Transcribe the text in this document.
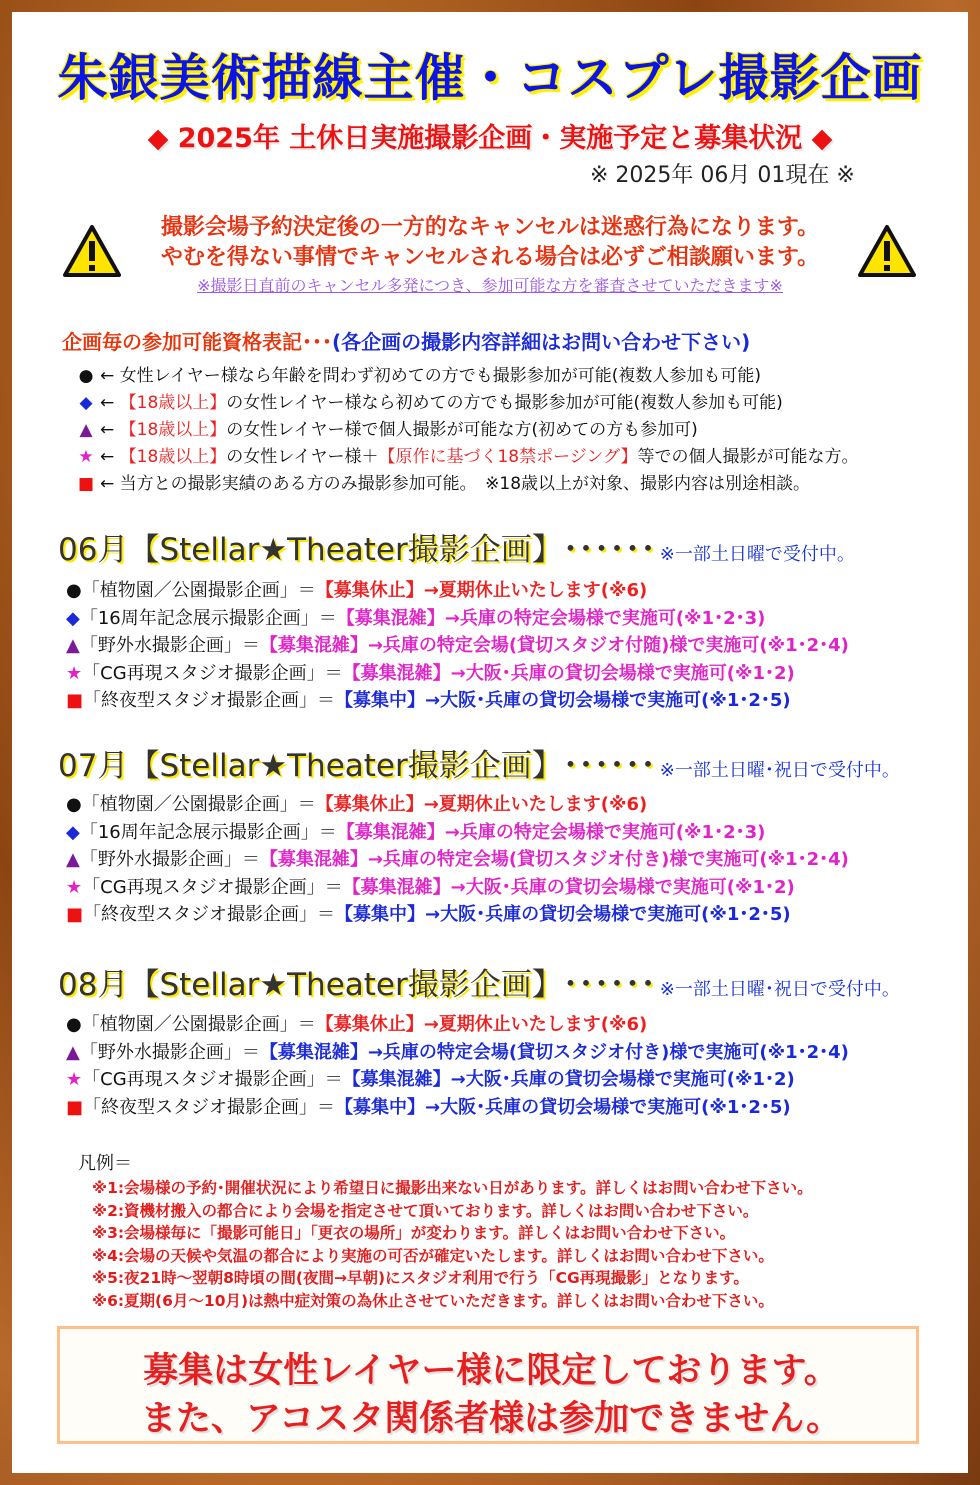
朱銀美術描線主催・コスプレ撮影企画
◆ 2025年 土休日実施撮影企画・実施予定と募集状況 ◆
※ 2025年 06月 01現在 ※
撮影会場予約決定後の一方的なキャンセルは迷惑行為になります。
やむを得ない事情でキャンセルされる場合は必ずご相談願います。
※撮影日直前のキャンセル多発につき、参加可能な方を審査させていただきます※
企画毎の参加可能資格表記･･･(各企画の撮影内容詳細はお問い合わせ下さい)
● ← 女性レイヤー様なら年齢を問わず初めての方でも撮影参加が可能(複数人参加も可能)
◆ ← 【18歳以上】の女性レイヤー様なら初めての方でも撮影参加が可能(複数人参加も可能)
▲ ← 【18歳以上】の女性レイヤー様で個人撮影が可能な方(初めての方も参加可)
★ ← 【18歳以上】の女性レイヤー様＋【原作に基づく18禁ポージング】等での個人撮影が可能な方。
■ ← 当方との撮影実績のある方のみ撮影参加可能。　※18歳以上が対象、撮影内容は別途相談。
06月【Stellar★Theater撮影企画】･･････ ※一部土日曜で受付中。
●「植物園／公園撮影企画」＝【募集休止】→夏期休止いたします(※6)
◆「16周年記念展示撮影企画」＝【募集混雑】→兵庫の特定会場様で実施可(※1･2･3)
▲「野外水撮影企画」＝【募集混雑】→兵庫の特定会場(貸切スタジオ付随)様で実施可(※1･2･4)
★「CG再現スタジオ撮影企画」＝【募集混雑】→大阪･兵庫の貸切会場様で実施可(※1･2)
■「終夜型スタジオ撮影企画」＝【募集中】→大阪･兵庫の貸切会場様で実施可(※1･2･5)
07月【Stellar★Theater撮影企画】･･････ ※一部土日曜･祝日で受付中。
●「植物園／公園撮影企画」＝【募集休止】→夏期休止いたします(※6)
◆「16周年記念展示撮影企画」＝【募集混雑】→兵庫の特定会場様で実施可(※1･2･3)
▲「野外水撮影企画」＝【募集混雑】→兵庫の特定会場(貸切スタジオ付き)様で実施可(※1･2･4)
★「CG再現スタジオ撮影企画」＝【募集混雑】→大阪･兵庫の貸切会場様で実施可(※1･2)
■「終夜型スタジオ撮影企画」＝【募集中】→大阪･兵庫の貸切会場様で実施可(※1･2･5)
08月【Stellar★Theater撮影企画】･･････ ※一部土日曜･祝日で受付中。
●「植物園／公園撮影企画」＝【募集休止】→夏期休止いたします(※6)
▲「野外水撮影企画」＝【募集混雑】→兵庫の特定会場(貸切スタジオ付き)様で実施可(※1･2･4)
★「CG再現スタジオ撮影企画」＝【募集混雑】→大阪･兵庫の貸切会場様で実施可(※1･2)
■「終夜型スタジオ撮影企画」＝【募集中】→大阪･兵庫の貸切会場様で実施可(※1･2･5)
凡例＝
※1:会場様の予約･開催状況により希望日に撮影出来ない日があります。詳しくはお問い合わせ下さい。
※2:資機材搬入の都合により会場を指定させて頂いております。詳しくはお問い合わせ下さい。
※3:会場様毎に「撮影可能日」「更衣の場所」が変わります。詳しくはお問い合わせ下さい。
※4:会場の天候や気温の都合により実施の可否が確定いたします。詳しくはお問い合わせ下さい。
※5:夜21時～翌朝8時頃の間(夜間→早朝)にスタジオ利用で行う「CG再現撮影」となります。
※6:夏期(6月～10月)は熱中症対策の為休止させていただきます。詳しくはお問い合わせ下さい。
募集は女性レイヤー様に限定しております。
また、アコスタ関係者様は参加できません。
